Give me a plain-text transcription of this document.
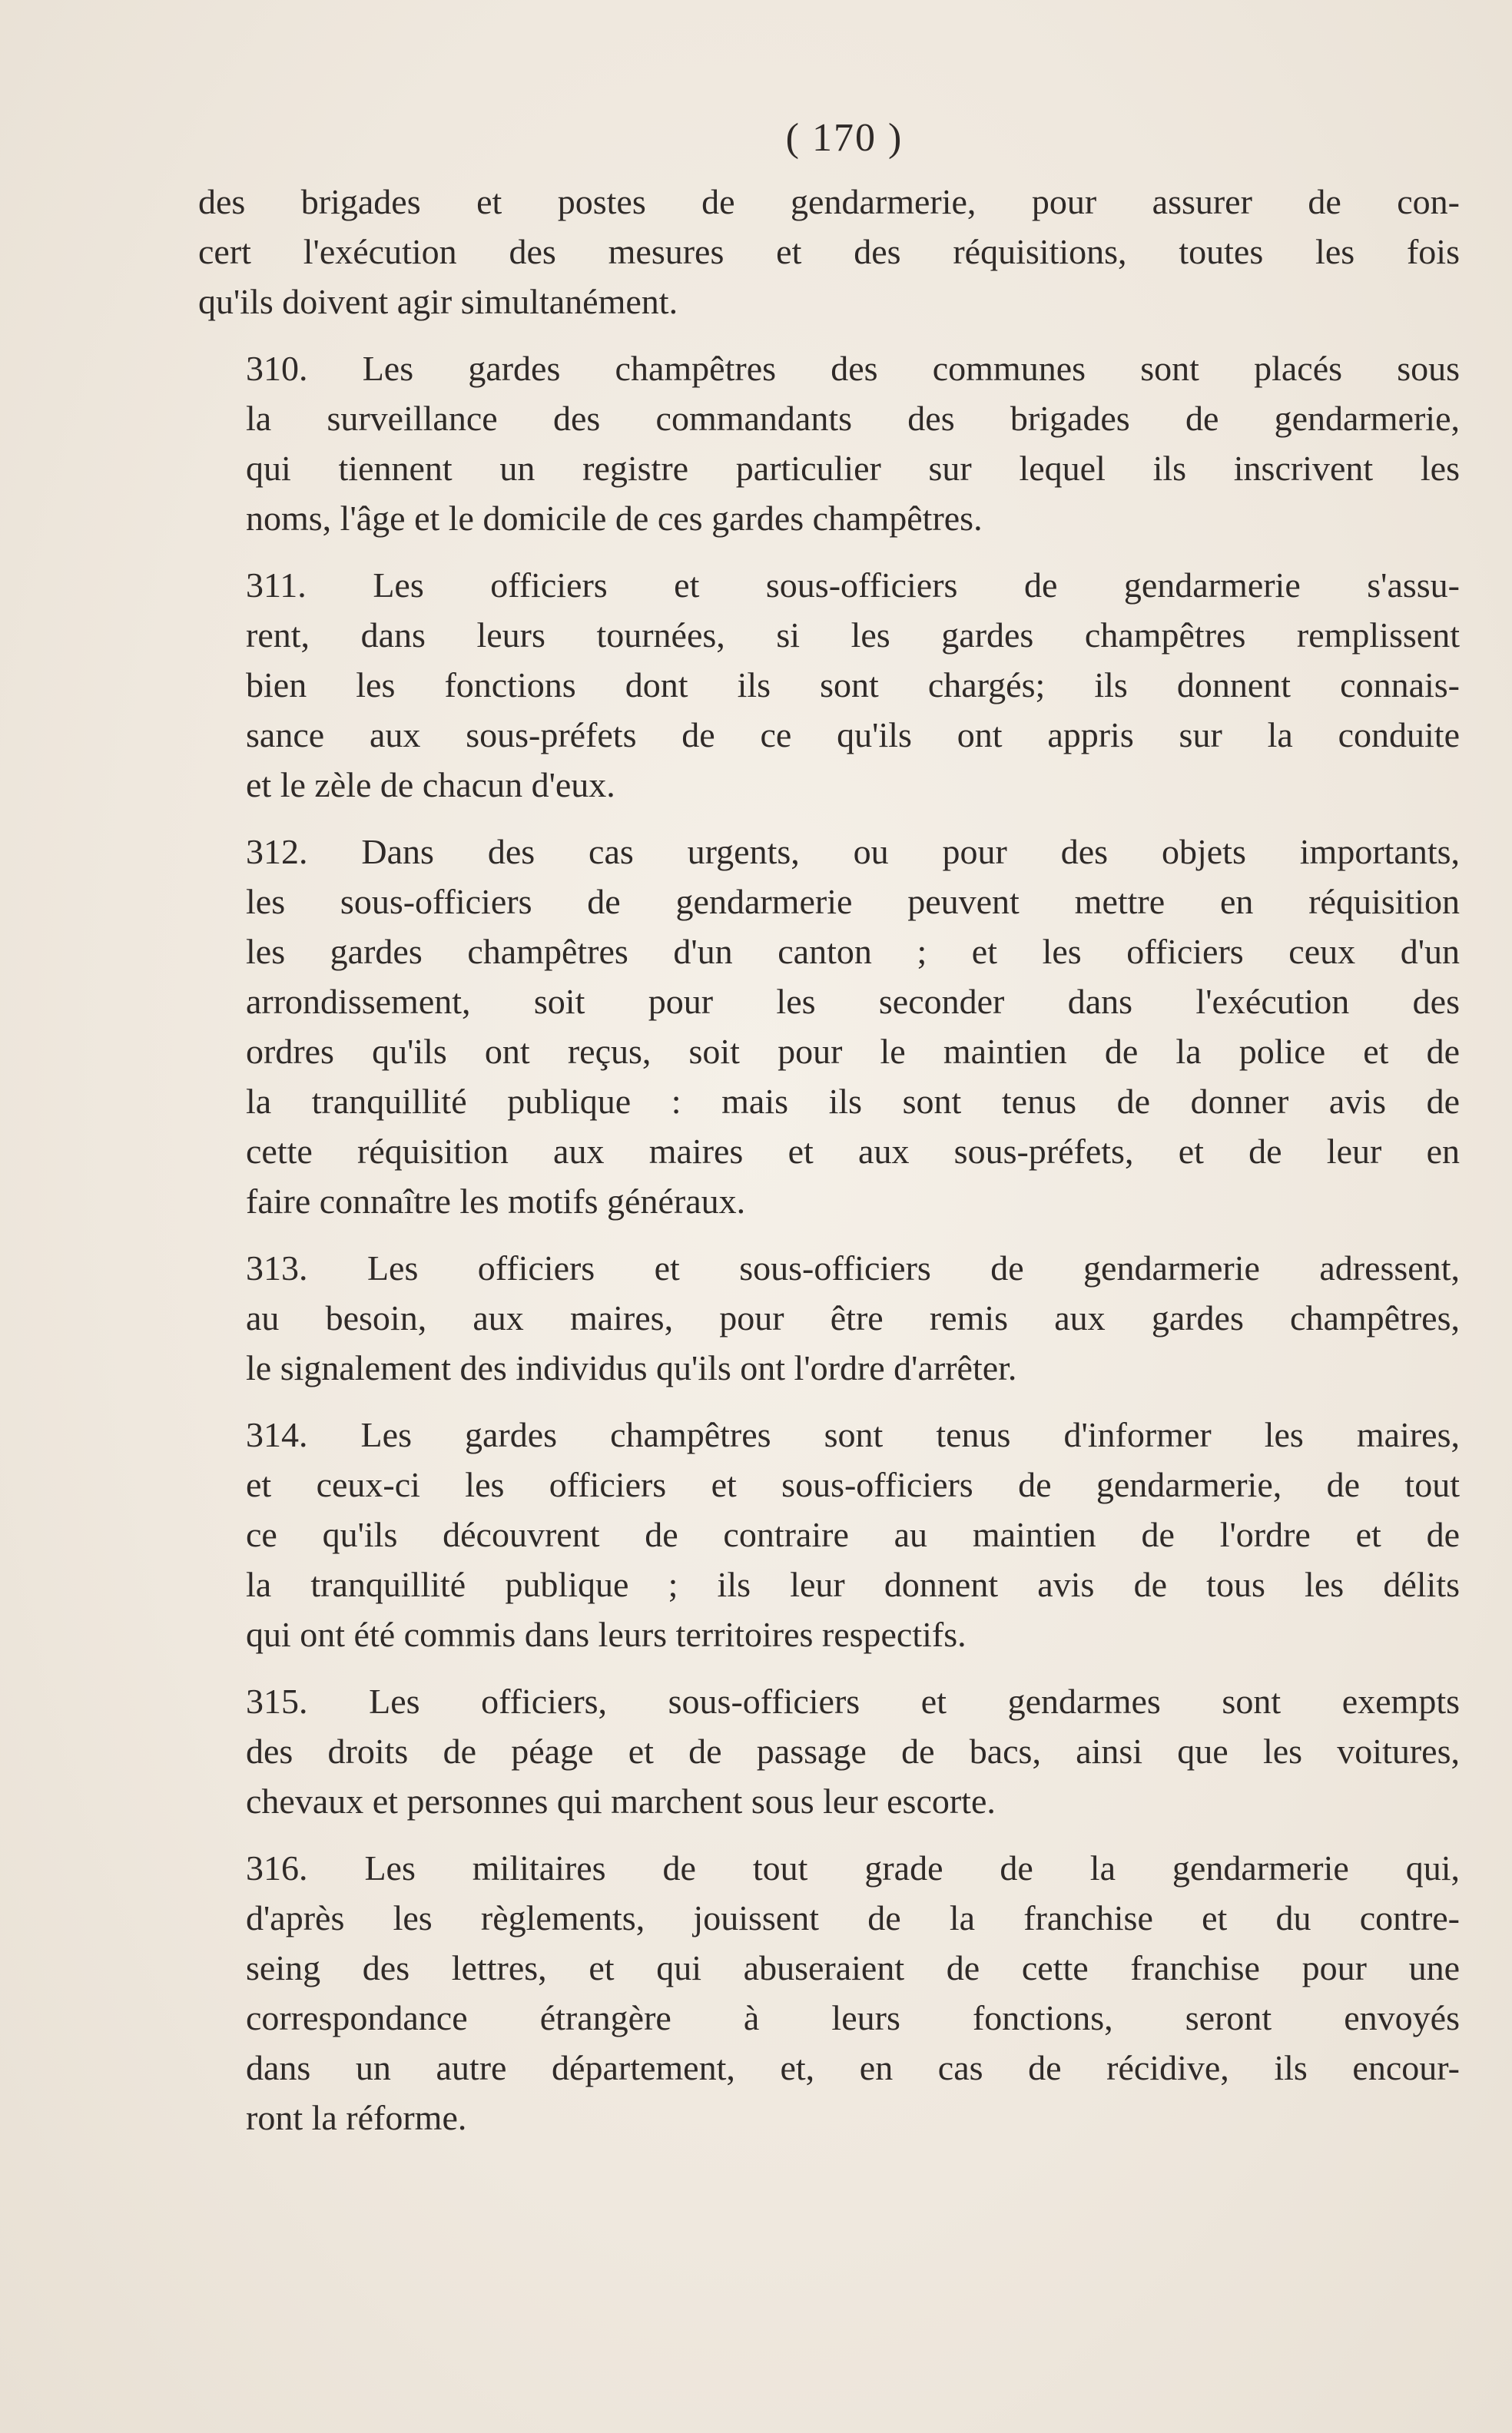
( 170 )
des brigades et postes de gendarmerie, pour assurer de con-
cert l'exécution des mesures et des réquisitions, toutes les fois
qu'ils doivent agir simultanément.
310. Les gardes champêtres des communes sont placés sous
la surveillance des commandants des brigades de gendarmerie,
qui tiennent un registre particulier sur lequel ils inscrivent les
noms, l'âge et le domicile de ces gardes champêtres.
311. Les officiers et sous-officiers de gendarmerie s'assu-
rent, dans leurs tournées, si les gardes champêtres remplissent
bien les fonctions dont ils sont chargés; ils donnent connais-
sance aux sous-préfets de ce qu'ils ont appris sur la conduite
et le zèle de chacun d'eux.
312. Dans des cas urgents, ou pour des objets importants,
les sous-officiers de gendarmerie peuvent mettre en réquisition
les gardes champêtres d'un canton ; et les officiers ceux d'un
arrondissement, soit pour les seconder dans l'exécution des
ordres qu'ils ont reçus, soit pour le maintien de la police et de
la tranquillité publique : mais ils sont tenus de donner avis de
cette réquisition aux maires et aux sous-préfets, et de leur en
faire connaître les motifs généraux.
313. Les officiers et sous-officiers de gendarmerie adressent,
au besoin, aux maires, pour être remis aux gardes champêtres,
le signalement des individus qu'ils ont l'ordre d'arrêter.
314. Les gardes champêtres sont tenus d'informer les maires,
et ceux-ci les officiers et sous-officiers de gendarmerie, de tout
ce qu'ils découvrent de contraire au maintien de l'ordre et de
la tranquillité publique ; ils leur donnent avis de tous les délits
qui ont été commis dans leurs territoires respectifs.
315. Les officiers, sous-officiers et gendarmes sont exempts
des droits de péage et de passage de bacs, ainsi que les voitures,
chevaux et personnes qui marchent sous leur escorte.
316. Les militaires de tout grade de la gendarmerie qui,
d'après les règlements, jouissent de la franchise et du contre-
seing des lettres, et qui abuseraient de cette franchise pour une
correspondance étrangère à leurs fonctions, seront envoyés
dans un autre département, et, en cas de récidive, ils encour-
ront la réforme.
